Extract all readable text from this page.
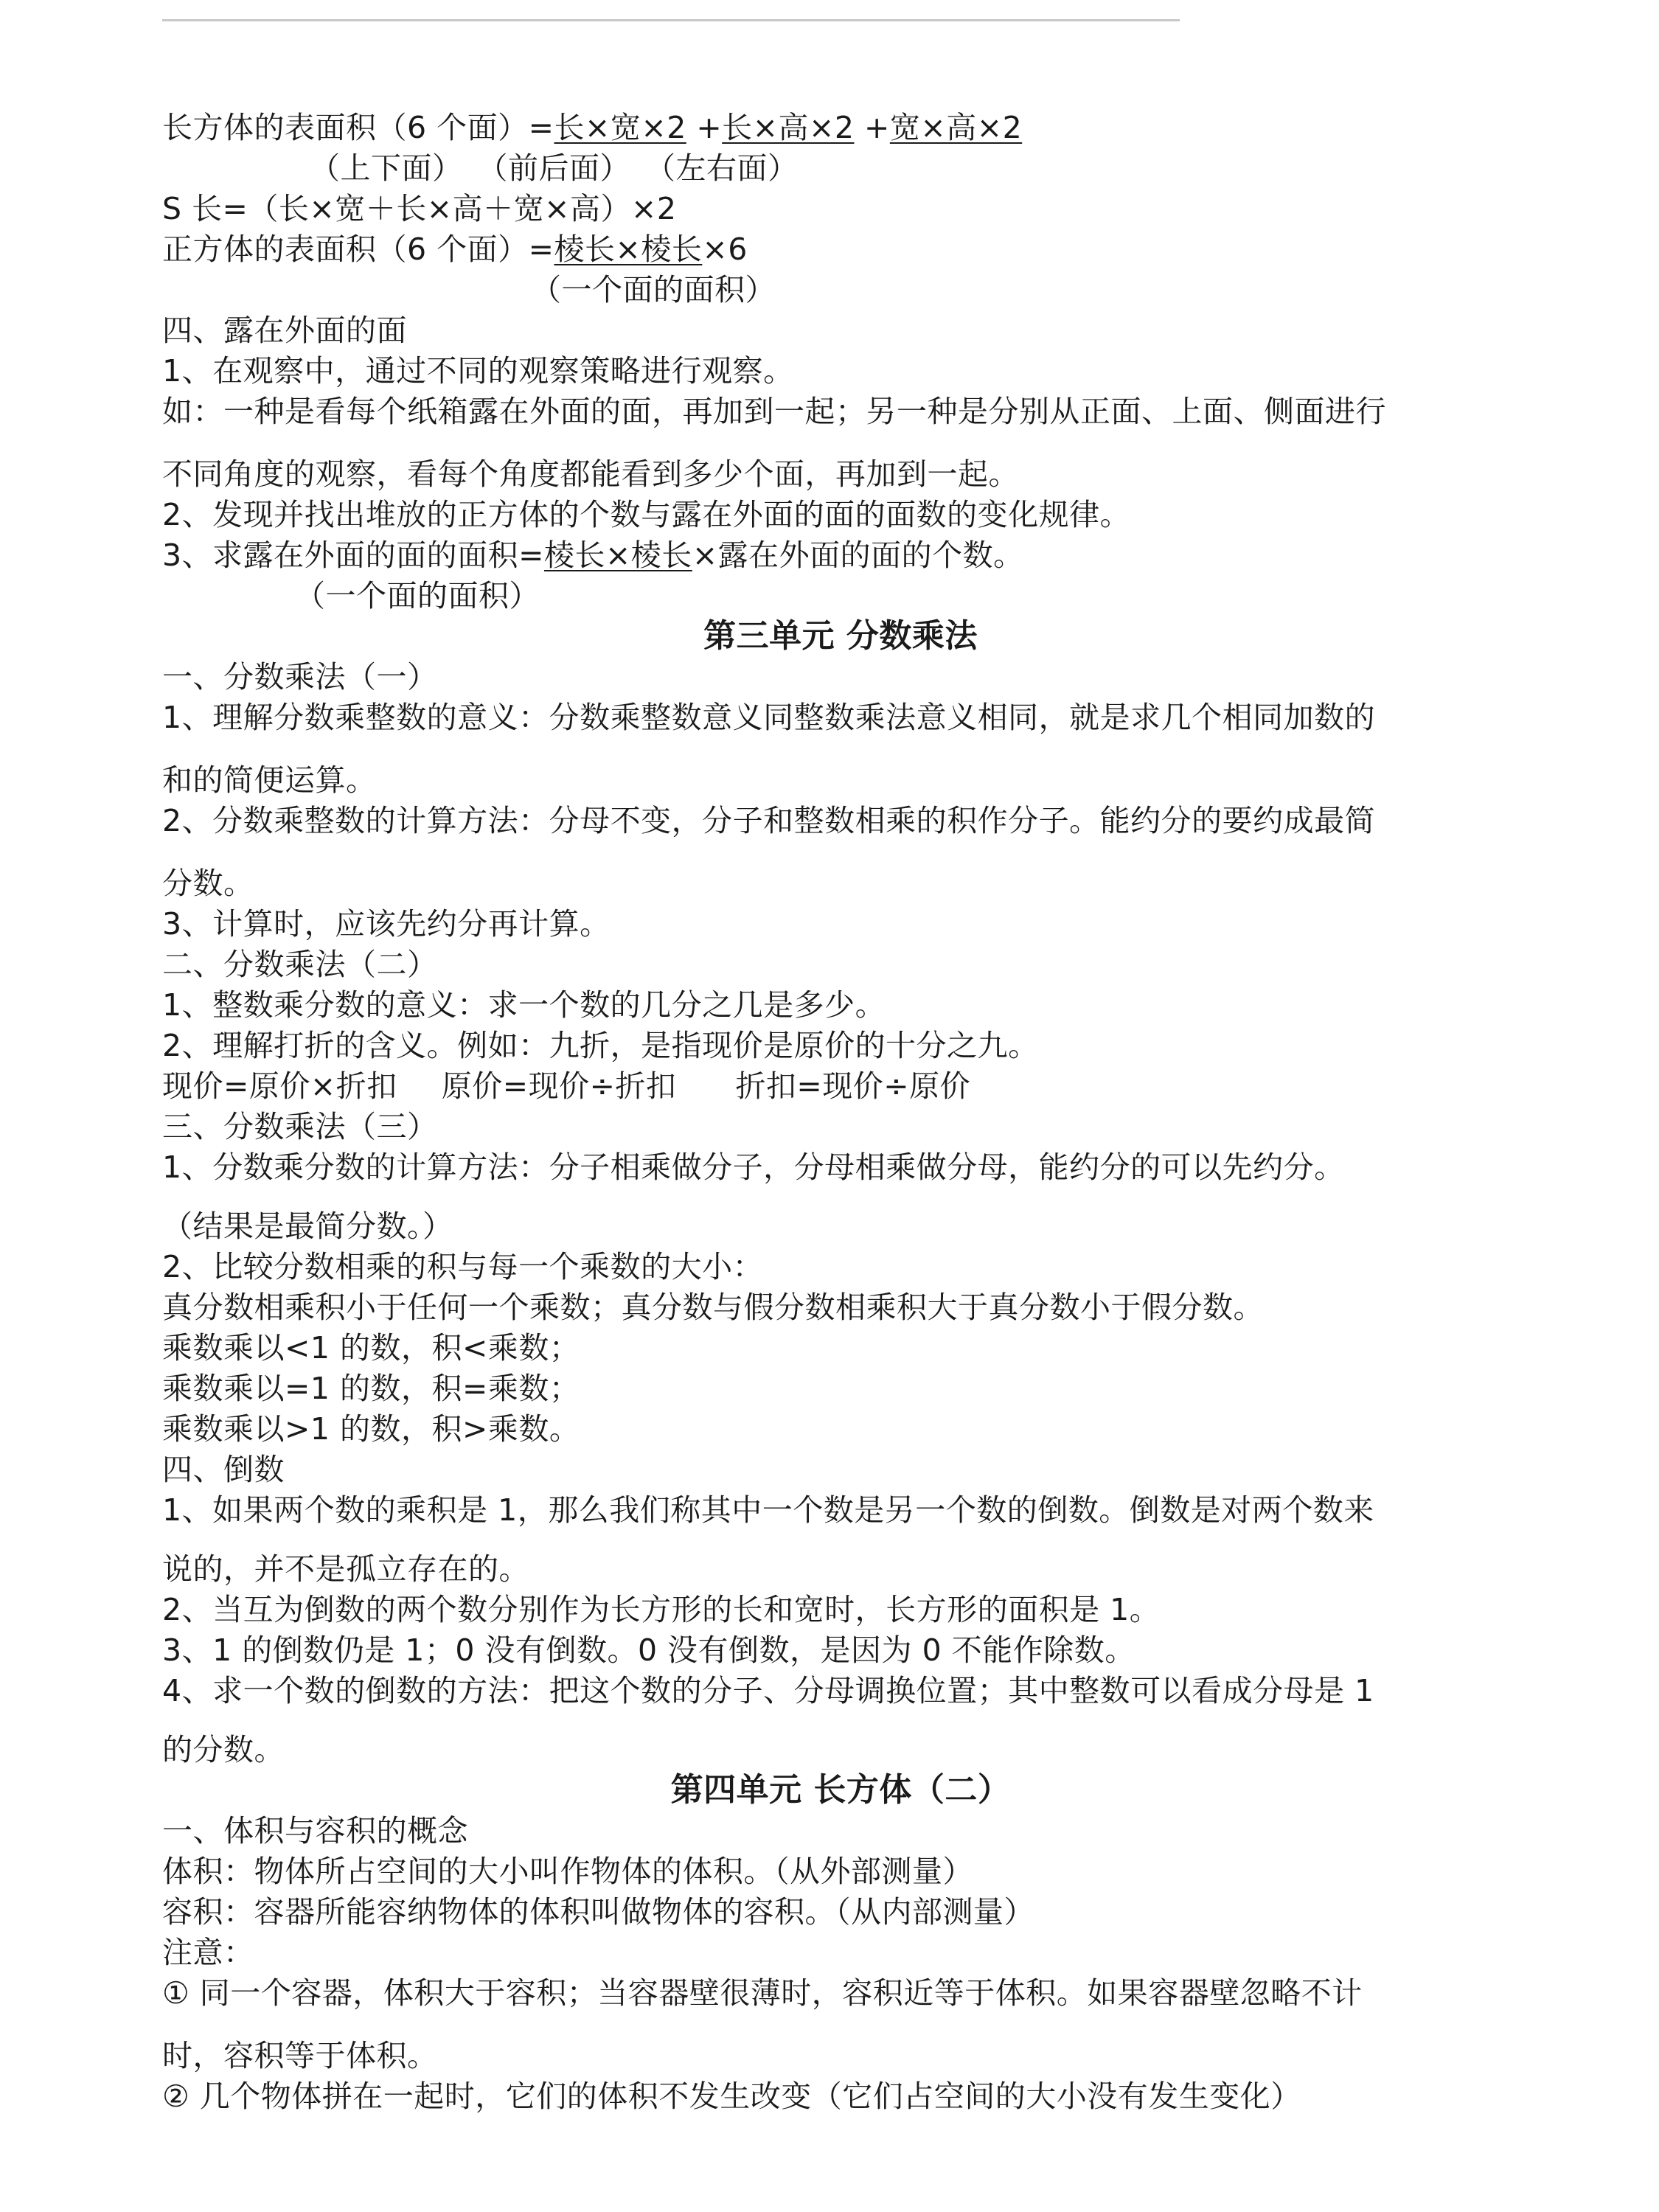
长方体的表面积（6 个面）=长×宽×2 +长×高×2 +宽×高×2
（上下面） （前后面） （左右面）
S 长=（长×宽＋长×高＋宽×高）×2
正方体的表面积（6 个面）=棱长×棱长×6
（一个面的面积）
四、露在外面的面
1、在观察中，通过不同的观察策略进行观察。
如：一种是看每个纸箱露在外面的面，再加到一起；另一种是分别从正面、上面、侧面进行
不同角度的观察，看每个角度都能看到多少个面，再加到一起。
2、发现并找出堆放的正方体的个数与露在外面的面的面数的变化规律。
3、求露在外面的面的面积=棱长×棱长×露在外面的面的个数。
（一个面的面积）
第三单元 分数乘法
一、分数乘法（一）
1、理解分数乘整数的意义：分数乘整数意义同整数乘法意义相同，就是求几个相同加数的
和的简便运算。
2、分数乘整数的计算方法：分母不变，分子和整数相乘的积作分子。能约分的要约成最简
分数。
3、计算时，应该先约分再计算。
二、分数乘法（二）
1、整数乘分数的意义：求一个数的几分之几是多少。
2、理解打折的含义。例如：九折，是指现价是原价的十分之九。
现价=原价×折扣 原价=现价÷折扣 折扣=现价÷原价
三、分数乘法（三）
1、分数乘分数的计算方法：分子相乘做分子，分母相乘做分母，能约分的可以先约分。
（结果是最简分数。）
2、比较分数相乘的积与每一个乘数的大小：
真分数相乘积小于任何一个乘数；真分数与假分数相乘积大于真分数小于假分数。
乘数乘以<1 的数，积<乘数；
乘数乘以=1 的数，积=乘数；
乘数乘以>1 的数，积>乘数。
四、倒数
1、如果两个数的乘积是 1，那么我们称其中一个数是另一个数的倒数。倒数是对两个数来
说的，并不是孤立存在的。
2、当互为倒数的两个数分别作为长方形的长和宽时，长方形的面积是 1。
3、1 的倒数仍是 1；0 没有倒数。0 没有倒数，是因为 0 不能作除数。
4、求一个数的倒数的方法：把这个数的分子、分母调换位置；其中整数可以看成分母是 1
的分数。
第四单元 长方体（二）
一、体积与容积的概念
体积：物体所占空间的大小叫作物体的体积。（从外部测量）
容积：容器所能容纳物体的体积叫做物体的容积。（从内部测量）
注意：
① 同一个容器，体积大于容积；当容器壁很薄时，容积近等于体积。如果容器壁忽略不计
时，容积等于体积。
② 几个物体拼在一起时，它们的体积不发生改变（它们占空间的大小没有发生变化）
